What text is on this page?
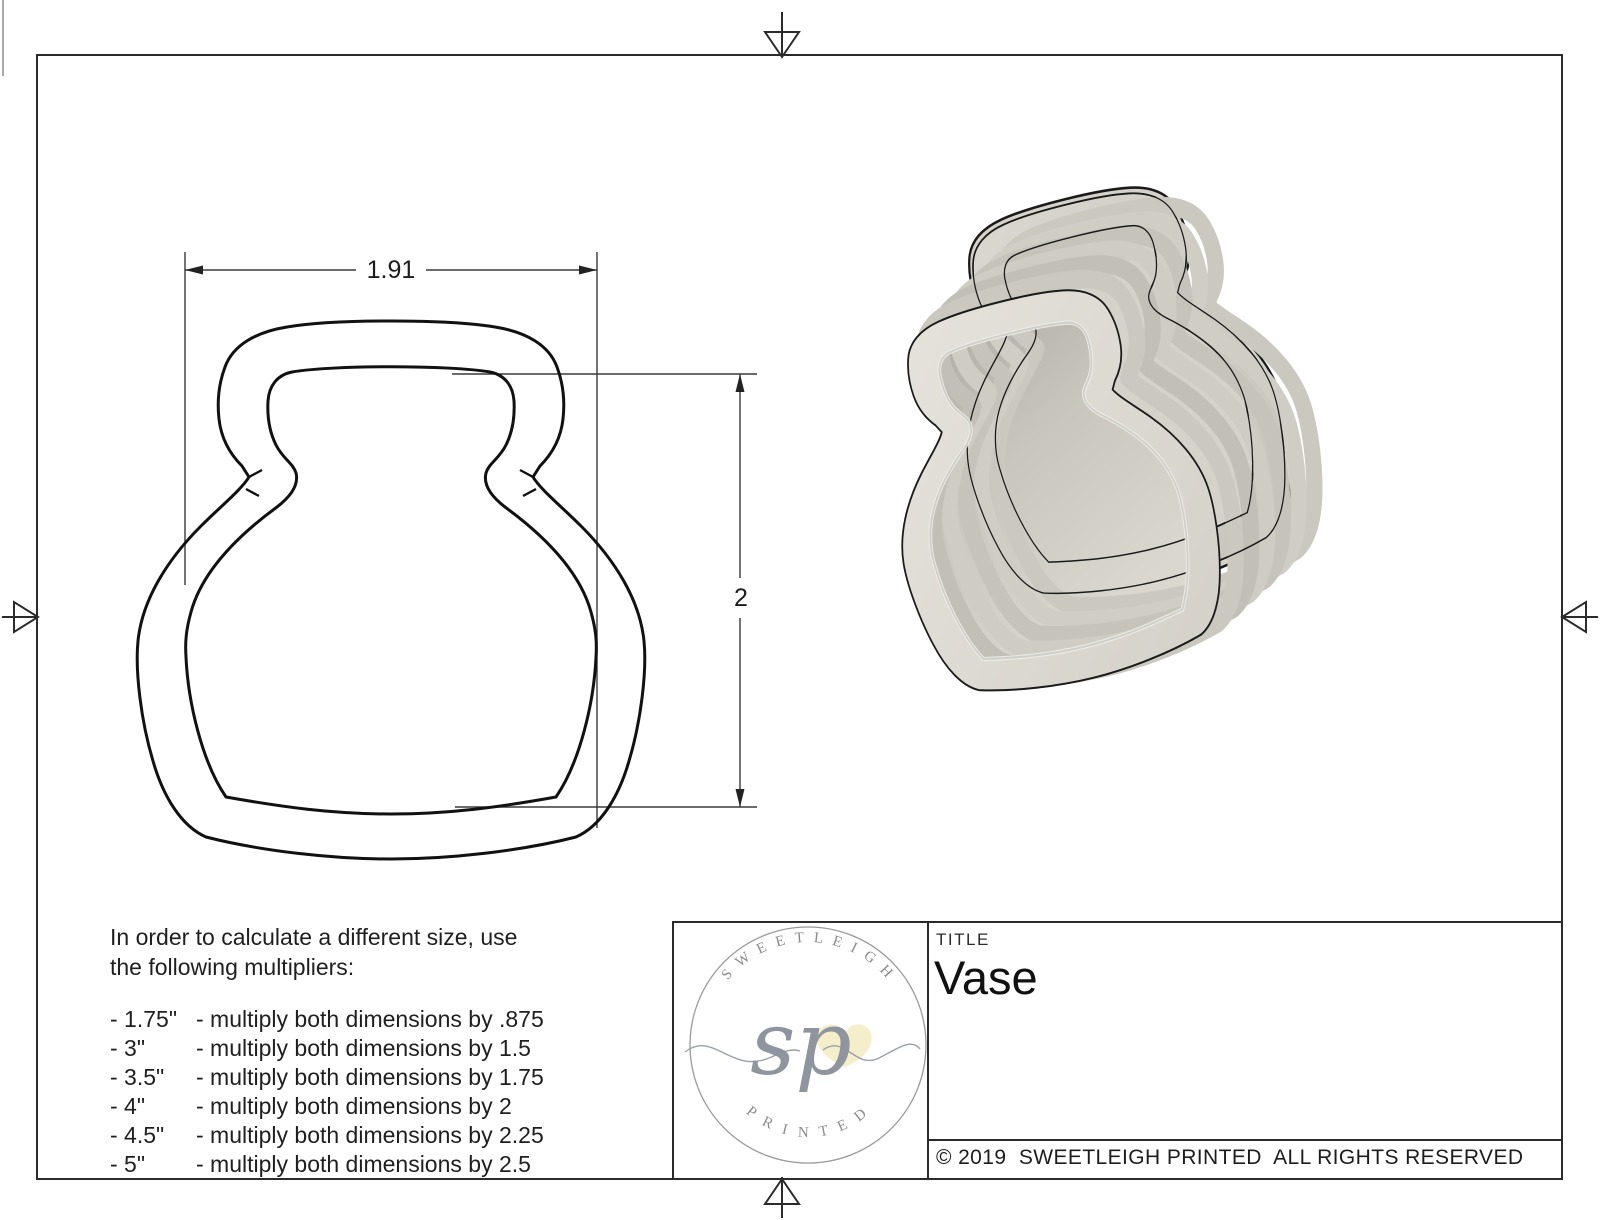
1.91
2
In order to calculate a different size, use
the following multipliers:
- 1.75" - multiply both dimensions by .875
- 3"	- multiply both dimensions by 1.5
- 3.5"	- multiply both dimensions by 1.75
- 4"	- multiply both dimensions by 2
- 4.5"	- multiply both dimensions by 2.25
- 5"	- multiply both dimensions by 2.5
sp
S W E E T L E I G H
P R I N T E D
TITLE
Vase
© 2019  SWEETLEIGH PRINTED  ALL RIGHTS RESERVED
